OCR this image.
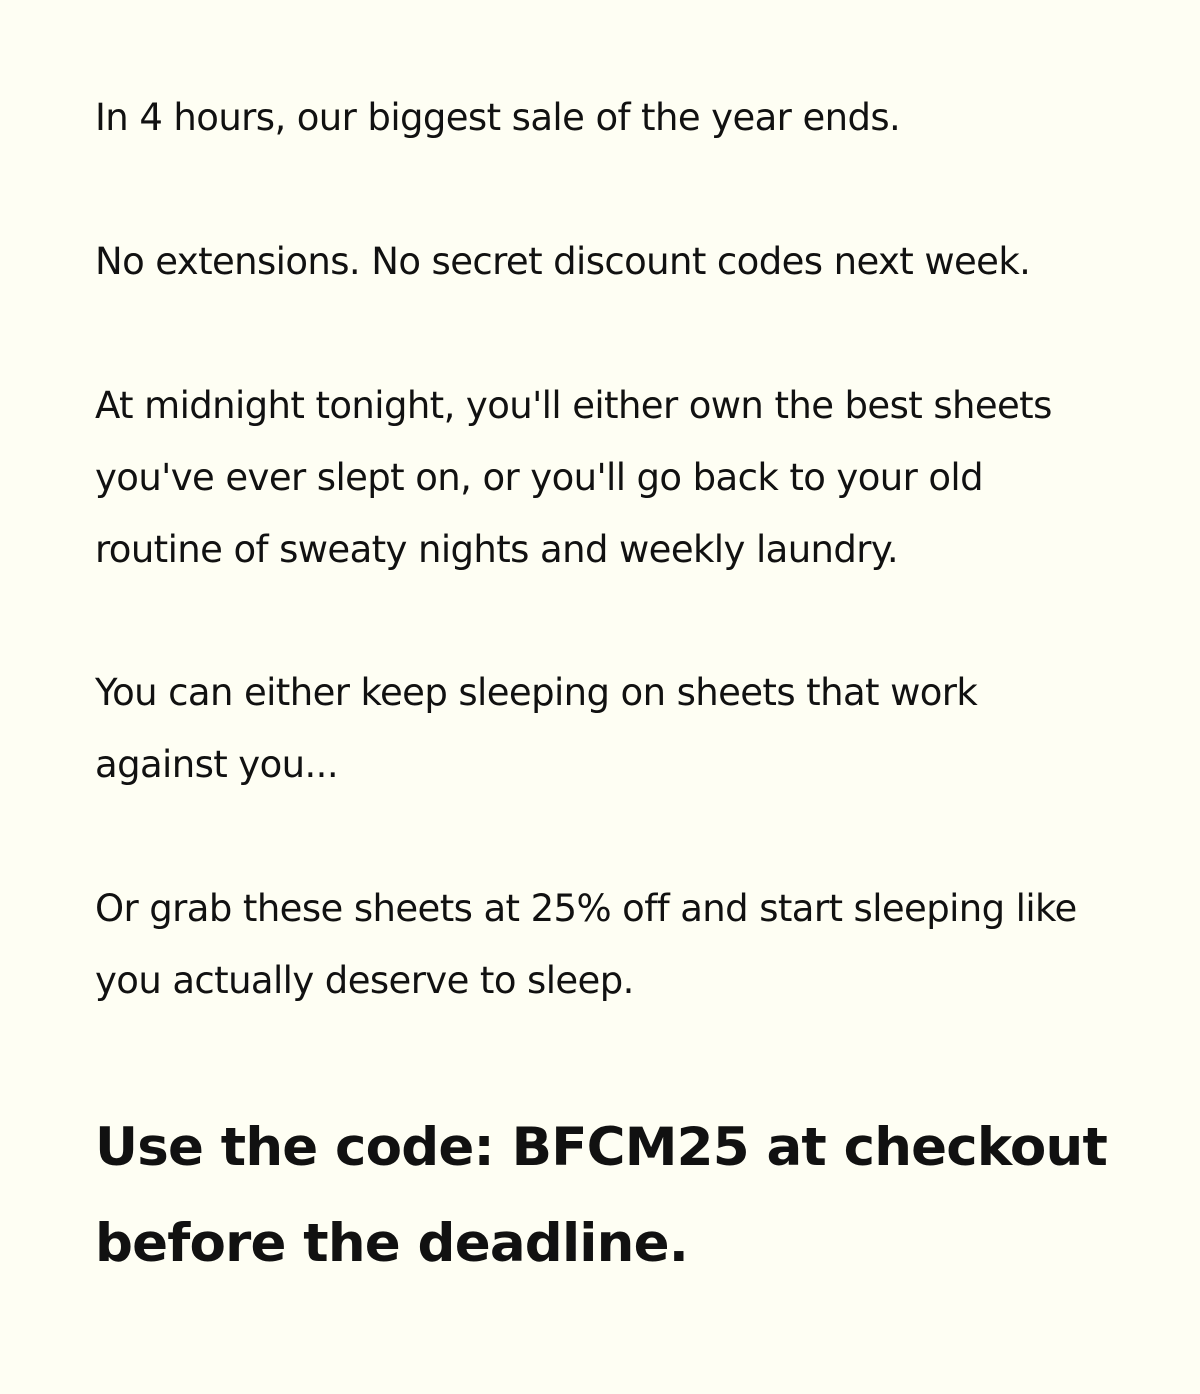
In 4 hours, our biggest sale of the year ends.

No extensions. No secret discount codes next week.

At midnight tonight, you'll either own the best sheets you've ever slept on, or you'll go back to your old routine of sweaty nights and weekly laundry.

You can either keep sleeping on sheets that work against you...

Or grab these sheets at 25% off and start sleeping like you actually deserve to sleep.

Use the code: BFCM25 at checkout before the deadline.
